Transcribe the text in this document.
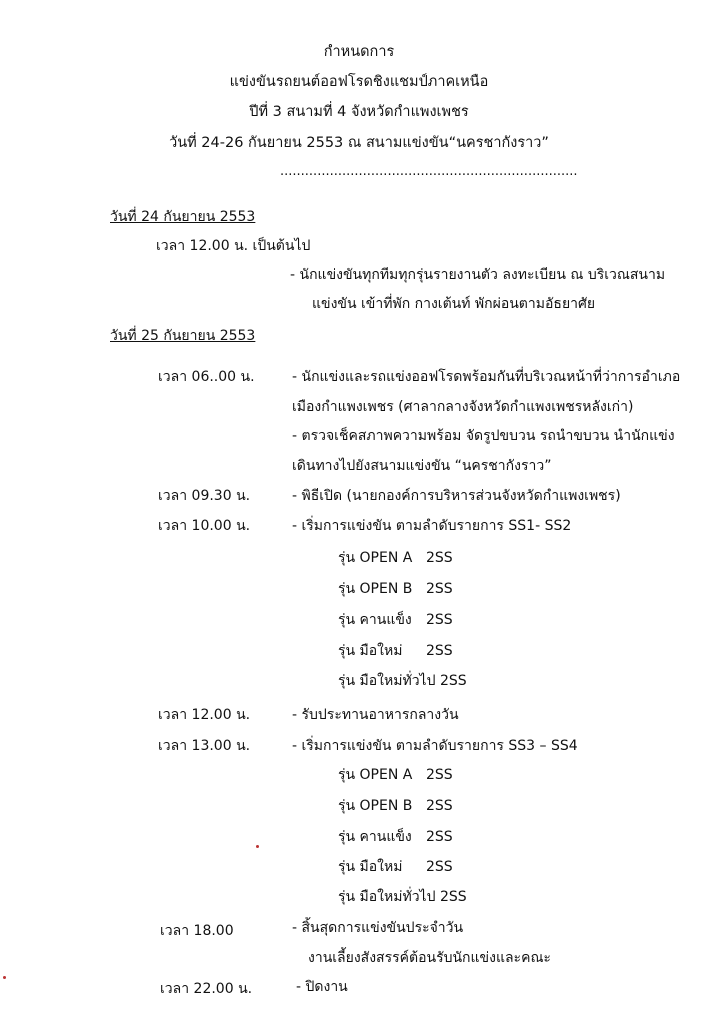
กำหนดการ
แข่งขันรถยนต์ออฟโรดชิงแชมป์ภาคเหนือ
ปีที่ 3 สนามที่ 4 จังหวัดกำแพงเพชร
วันที่ 24-26 กันยายน 2553 ณ สนามแข่งขัน“นครชากังราว”
........................................................................
วันที่ 24 กันยายน 2553
เวลา 12.00 น. เป็นต้นไป
- นักแข่งขันทุกทีมทุกรุ่นรายงานตัว ลงทะเบียน ณ บริเวณสนาม
แข่งขัน เข้าที่พัก กางเต้นท์ พักผ่อนตามอัธยาศัย
วันที่ 25 กันยายน 2553
เวลา 06..00 น.	- นักแข่งและรถแข่งออฟโรดพร้อมกันที่บริเวณหน้าที่ว่าการอำเภอ
เมืองกำแพงเพชร (ศาลากลางจังหวัดกำแพงเพชรหลังเก่า)
- ตรวจเช็คสภาพความพร้อม จัดรูปขบวน รถนำขบวน นำนักแข่ง
เดินทางไปยังสนามแข่งขัน “นครชากังราว”
เวลา 09.30 น.	- พิธีเปิด (นายกองค์การบริหารส่วนจังหวัดกำแพงเพชร)
เวลา 10.00 น.	- เริ่มการแข่งขัน ตามลำดับรายการ SS1- SS2
รุ่น OPEN A 2SS
รุ่น OPEN B 2SS
รุ่น คานแข็ง 2SS
รุ่น มือใหม่ 2SS
รุ่น มือใหม่ทั่วไป 2SS
เวลา 12.00 น.	- รับประทานอาหารกลางวัน
เวลา 13.00 น.	- เริ่มการแข่งขัน ตามลำดับรายการ SS3 – SS4
รุ่น OPEN A 2SS
รุ่น OPEN B 2SS
รุ่น คานแข็ง 2SS
รุ่น มือใหม่ 2SS
รุ่น มือใหม่ทั่วไป 2SS
เวลา 18.00	- สิ้นสุดการแข่งขันประจำวัน
งานเลี้ยงสังสรรค์ต้อนรับนักแข่งและคณะ
เวลา 22.00 น.	- ปิดงาน
